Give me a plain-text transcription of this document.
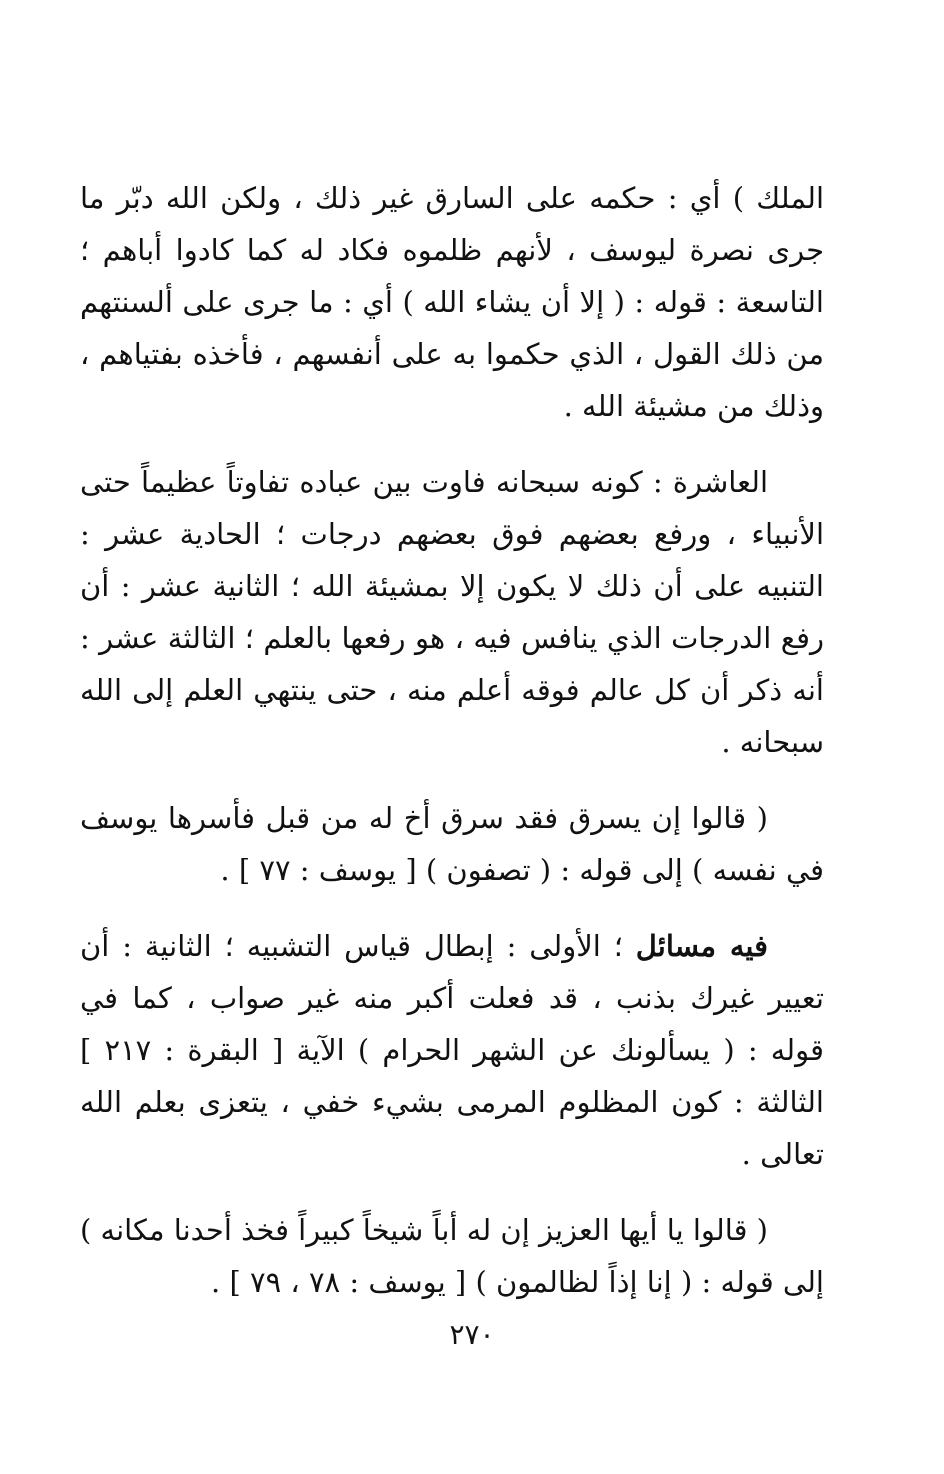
الملك ) أي : حكمه على السارق غير ذلك ، ولكن الله دبّر ما جرى نصرة ليوسف ، لأنهم ظلموه فكاد له كما كادوا أباهم ؛ التاسعة : قوله : ( إلا أن يشاء الله ) أي : ما جرى على ألسنتهم من ذلك القول ، الذي حكموا به على أنفسهم ، فأخذه بفتياهم ، وذلك من مشيئة الله .

العاشرة : كونه سبحانه فاوت بين عباده تفاوتاً عظيماً حتى الأنبياء ، ورفع بعضهم فوق بعضهم درجات ؛ الحادية عشر : التنبيه على أن ذلك لا يكون إلا بمشيئة الله ؛ الثانية عشر : أن رفع الدرجات الذي ينافس فيه ، هو رفعها بالعلم ؛ الثالثة عشر : أنه ذكر أن كل عالم فوقه أعلم منه ، حتى ينتهي العلم إلى الله سبحانه .

( قالوا إن يسرق فقد سرق أخ له من قبل فأسرها يوسف في نفسه ) إلى قوله : ( تصفون ) [ يوسف : ٧٧ ] .

فيه مسائل ؛ الأولى : إبطال قياس التشبيه ؛ الثانية : أن تعيير غيرك بذنب ، قد فعلت أكبر منه غير صواب ، كما في قوله : ( يسألونك عن الشهر الحرام ) الآية [ البقرة : ٢١٧ ] الثالثة : كون المظلوم المرمى بشيء خفي ، يتعزى بعلم الله تعالى .

( قالوا يا أيها العزيز إن له أباً شيخاً كبيراً فخذ أحدنا مكانه ) إلى قوله : ( إنا إذاً لظالمون ) [ يوسف : ٧٨ ، ٧٩ ] .

٢٧٠
